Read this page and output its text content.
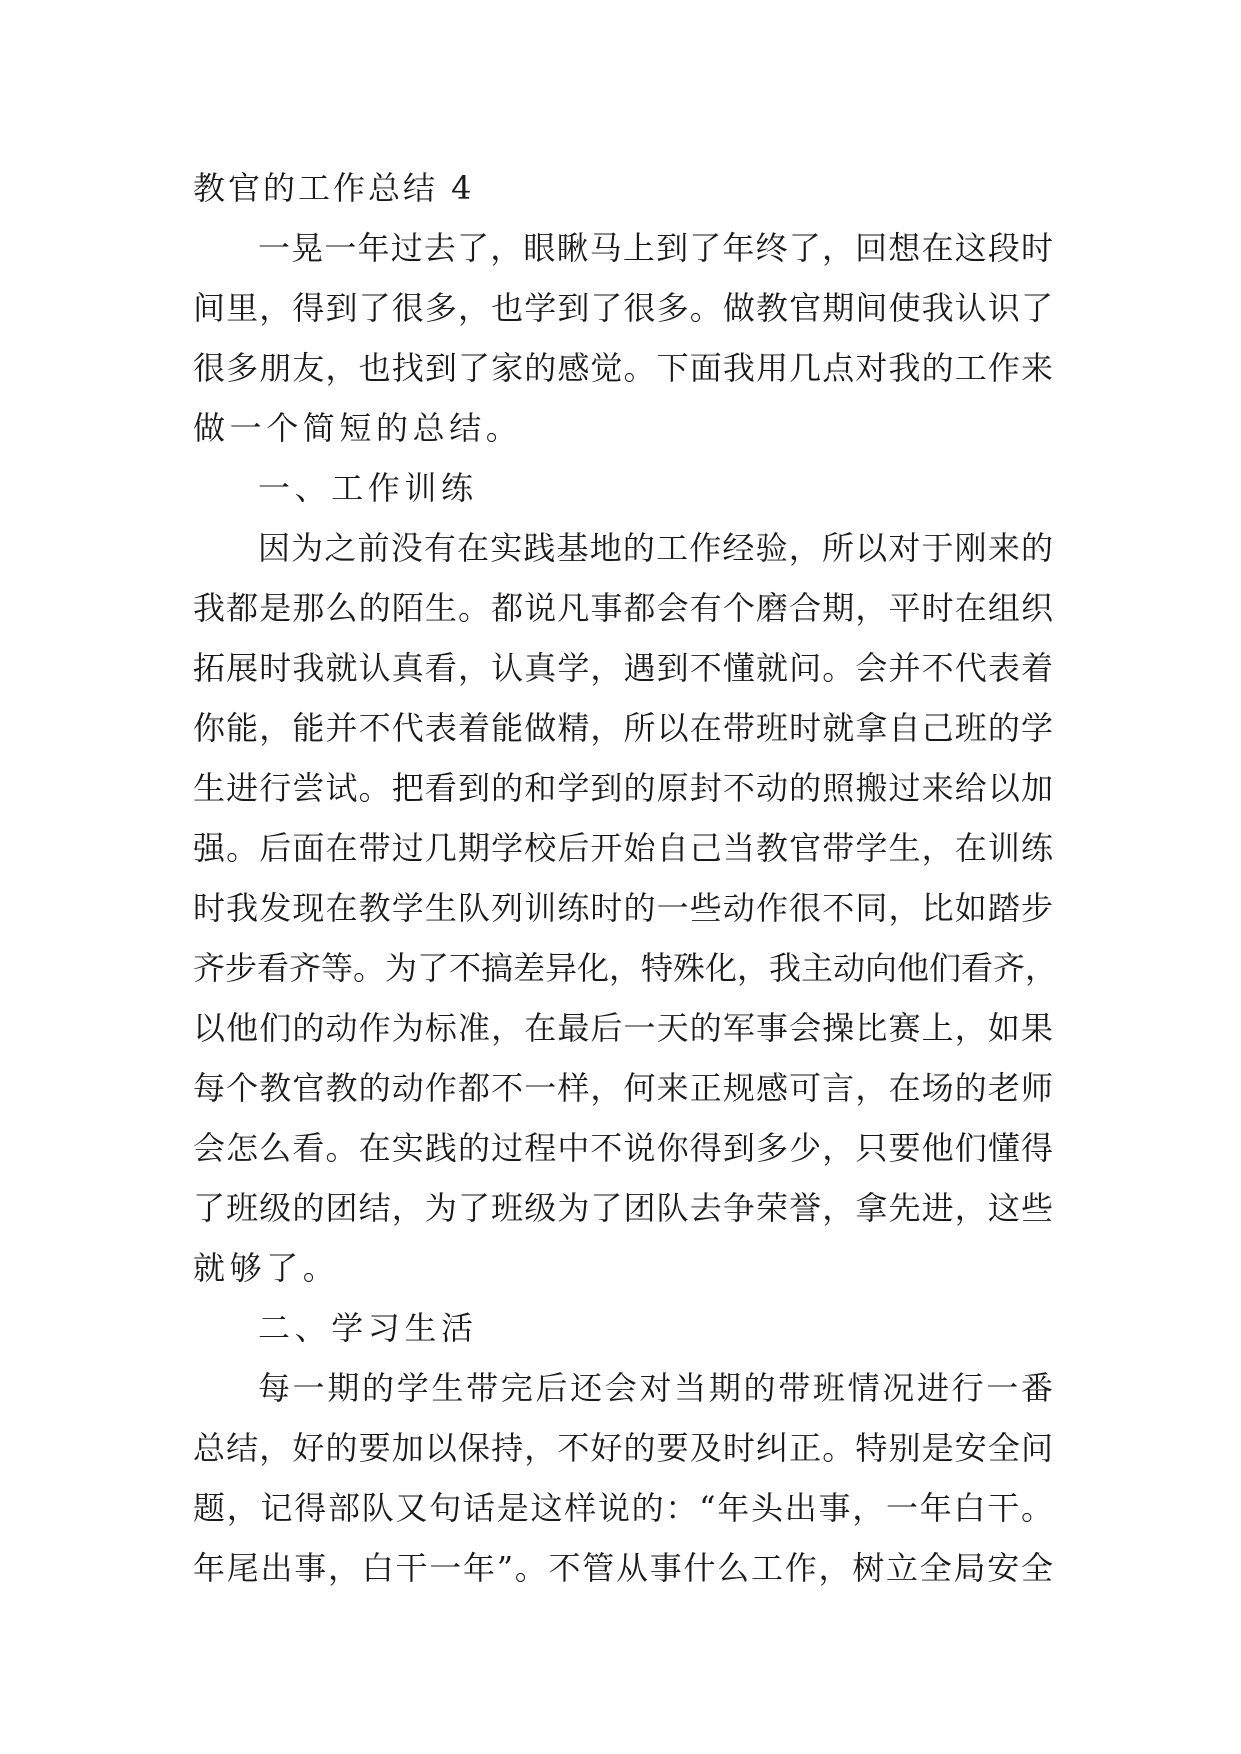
教官的工作总结 4
一晃一年过去了，眼瞅马上到了年终了，回想在这段时
间里，得到了很多，也学到了很多。做教官期间使我认识了
很多朋友，也找到了家的感觉。下面我用几点对我的工作来
做一个简短的总结。
一、工作训练
因为之前没有在实践基地的工作经验，所以对于刚来的
我都是那么的陌生。都说凡事都会有个磨合期，平时在组织
拓展时我就认真看，认真学，遇到不懂就问。会并不代表着
你能，能并不代表着能做精，所以在带班时就拿自己班的学
生进行尝试。把看到的和学到的原封不动的照搬过来给以加
强。后面在带过几期学校后开始自己当教官带学生，在训练
时我发现在教学生队列训练时的一些动作很不同，比如踏步
齐步看齐等。为了不搞差异化，特殊化，我主动向他们看齐，
以他们的动作为标准，在最后一天的军事会操比赛上，如果
每个教官教的动作都不一样，何来正规感可言，在场的老师
会怎么看。在实践的过程中不说你得到多少，只要他们懂得
了班级的团结，为了班级为了团队去争荣誉，拿先进，这些
就够了。
二、学习生活
每一期的学生带完后还会对当期的带班情况进行一番
总结，好的要加以保持，不好的要及时纠正。特别是安全问
题，记得部队又句话是这样说的：“年头出事，一年白干。
年尾出事，白干一年”。不管从事什么工作，树立全局安全
